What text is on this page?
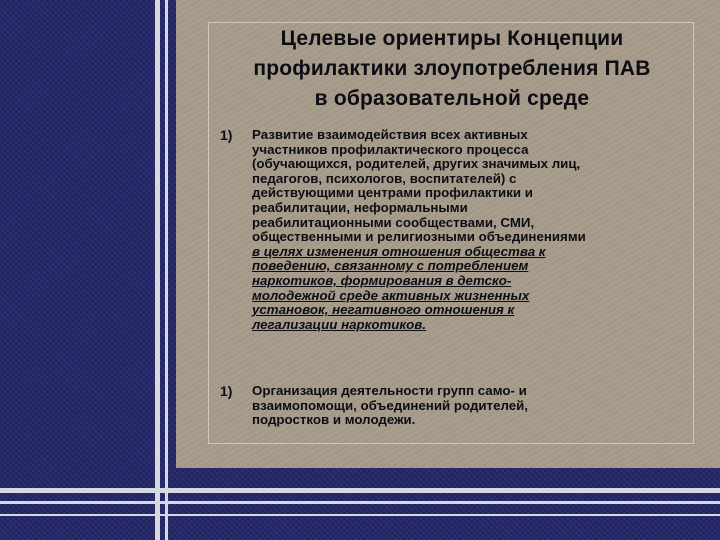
Целевые ориентиры Концепции
профилактики злоупотребления ПАВ
в образовательной среде
1) Развитие взаимодействия всех активных
участников профилактического процесса
(обучающихся, родителей, других значимых лиц,
педагогов, психологов, воспитателей) с
действующими центрами профилактики и
реабилитации, неформальными
реабилитационными сообществами, СМИ,
общественными и религиозными объединениями
в целях изменения отношения общества к
поведению, связанному с потреблением
наркотиков, формирования в детско-
молодежной среде активных жизненных
установок, негативного отношения к
легализации наркотиков.
1) Организация деятельности групп само- и
взаимопомощи, объединений родителей,
подростков и молодежи.
